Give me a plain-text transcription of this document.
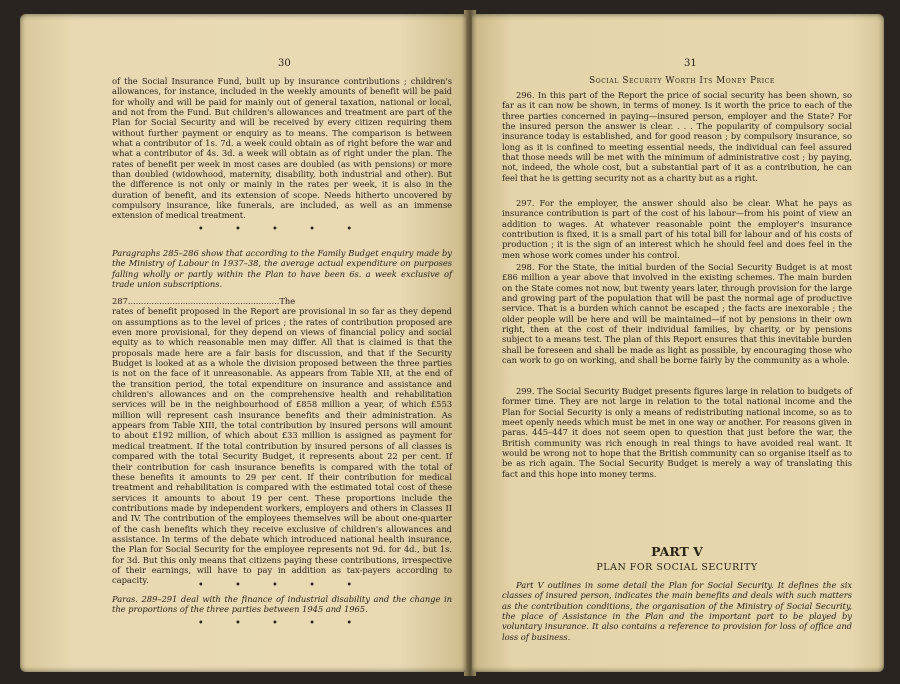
30

of the Social Insurance Fund, built up by insurance contributions ; children's allowances, for instance, included in the weekly amounts of benefit will be paid for wholly and will be paid for mainly out of general taxation, national or local, and not from the Fund. But children's allowances and treatment are part of the Plan for Social Security and will be received by every citizen requiring them without further payment or enquiry as to means. The comparison is between what a contributor of 1s. 7d. a week could obtain as of right before the war and what a contributor of 4s. 3d. a week will obtain as of right under the plan. The rates of benefit per week in most cases are doubled (as with pensions) or more than doubled (widowhood, maternity, disability, both industrial and other). But the difference is not only or mainly in the rates per week, it is also in the duration of benefit, and its extension of scope. Needs hitherto uncovered by compulsory insurance, like funerals, are included, as well as an immense extension of medical treatment.

• • • • •

Paragraphs 285–286 show that according to the Family Budget enquiry made by the Ministry of Labour in 1937–38, the average actual expenditure on purposes falling wholly or partly within the Plan to have been 6s. a week exclusive of trade union subscriptions.

287..........................................................The

rates of benefit proposed in the Report are provisional in so far as they depend on assumptions as to the level of prices ; the rates of contribution proposed are even more provisional, for they depend on views of financial policy and social equity as to which reasonable men may differ. All that is claimed is that the proposals made here are a fair basis for discussion, and that if the Security Budget is looked at as a whole the division proposed between the three parties is not on the face of it unreasonable. As appears from Table XII, at the end of the transition period, the total expenditure on insurance and assistance and children's allowances and on the comprehensive health and rehabilitation services will be in the neighbourhood of £858 million a year, of which £553 million will represent cash insurance benefits and their administration. As appears from Table XIII, the total contribution by insured persons will amount to about £192 million, of which about £33 million is assigned as payment for medical treatment. If the total contribution by insured persons of all classes is compared with the total Security Budget, it represents about 22 per cent. If their contribution for cash insurance benefits is compared with the total of these benefits it amounts to 29 per cent. If their contribution for medical treatment and rehabilitation is compared with the estimated total cost of these services it amounts to about 19 per cent. These proportions include the contributions made by independent workers, employers and others in Classes II and IV. The contribution of the employees themselves will be about one-quarter of the cash benefits which they receive exclusive of children's allowances and assistance. In terms of the debate which introduced national health insurance, the Plan for Social Security for the employee represents not 9d. for 4d., but 1s. for 3d. But this only means that citizens paying these contributions, irrespective of their earnings, will have to pay in addition as tax-payers according to capacity.	• • • • •

Paras. 289–291 deal with the finance of industrial disability and the change in the proportions of the three parties between 1945 and 1965.

• • • • •
31
Social Security Worth Its Money Price

296. In this part of the Report the price of social security has been shown, so far as it can now be shown, in terms of money. Is it worth the price to each of the three parties concerned in paying—insured person, employer and the State? For the insured person the answer is clear. . . . The popularity of compulsory social insurance today is established, and for good reason ; by compulsory insurance, so long as it is confined to meeting essential needs, the individual can feel assured that those needs will be met with the minimum of administrative cost ; by paying, not, indeed, the whole cost, but a substantial part of it as a contribution, he can feel that he is getting security not as a charity but as a right.

297. For the employer, the answer should also be clear. What he pays as insurance contribution is part of the cost of his labour—from his point of view an addition to wages. At whatever reasonable point the employer's insurance contribution is fixed, it is a small part of his total bill for labour and of his costs of production ; it is the sign of an interest which he should feel and does feel in the men whose work comes under his control.

298. For the State, the initial burden of the Social Security Budget is at most £86 million a year above that involved in the existing schemes. The main burden on the State comes not now, but twenty years later, through provision for the large and growing part of the population that will be past the normal age of productive service. That is a burden which cannot be escaped ; the facts are inexorable ; the older people will be here and will be maintained—if not by pensions in their own right, then at the cost of their individual families, by charity, or by pensions subject to a means test. The plan of this Report ensures that this inevitable burden shall be foreseen and shall be made as light as possible, by encouraging those who can work to go on working, and shall be borne fairly by the community as a whole.

299. The Social Security Budget presents figures large in relation to budgets of former time. They are not large in relation to the total national income and the Plan for Social Security is only a means of redistributing national income, so as to meet openly needs which must be met in one way or another. For reasons given in paras. 445–447 it does not seem open to question that just before the war, the British community was rich enough in real things to have avoided real want. It would be wrong not to hope that the British community can so organise itself as to be as rich again. The Social Security Budget is merely a way of translating this fact and this hope into money terms.

PART V
PLAN FOR SOCIAL SECURITY

Part V outlines in some detail the Plan for Social Security. It defines the six classes of insured person, indicates the main benefits and deals with such matters as the contribution conditions, the organisation of the Ministry of Social Security, the place of Assistance in the Plan and the important part to be played by voluntary insurance. It also contains a reference to provision for loss of office and loss of business.
